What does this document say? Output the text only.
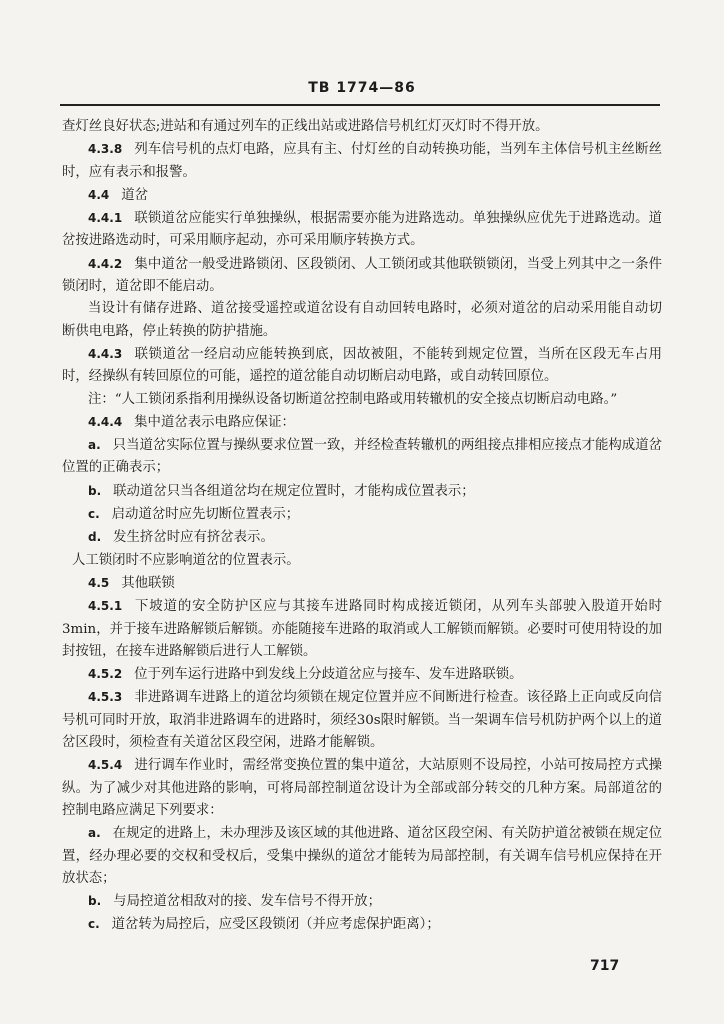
TB 1774—86

查灯丝良好状态;进站和有通过列车的正线出站或进路信号机红灯灭灯时不得开放。

4.3.8 列车信号机的点灯电路，应具有主、付灯丝的自动转换功能，当列车主体信号机主丝断丝时，应有表示和报警。

4.4 道岔

4.4.1 联锁道岔应能实行单独操纵，根据需要亦能为进路选动。单独操纵应优先于进路选动。道岔按进路选动时，可采用顺序起动，亦可采用顺序转换方式。

4.4.2 集中道岔一般受进路锁闭、区段锁闭、人工锁闭或其他联锁锁闭，当受上列其中之一条件锁闭时，道岔即不能启动。

当设计有储存进路、道岔接受遥控或道岔设有自动回转电路时，必须对道岔的启动采用能自动切断供电电路，停止转换的防护措施。

4.4.3 联锁道岔一经启动应能转换到底，因故被阻，不能转到规定位置，当所在区段无车占用时，经操纵有转回原位的可能，遥控的道岔能自动切断启动电路，或自动转回原位。

注：“人工锁闭系指利用操纵设备切断道岔控制电路或用转辙机的安全接点切断启动电路。”

4.4.4 集中道岔表示电路应保证：

a. 只当道岔实际位置与操纵要求位置一致，并经检查转辙机的两组接点排相应接点才能构成道岔位置的正确表示；

b. 联动道岔只当各组道岔均在规定位置时，才能构成位置表示；

c. 启动道岔时应先切断位置表示；

d. 发生挤岔时应有挤岔表示。

人工锁闭时不应影响道岔的位置表示。

4.5 其他联锁

4.5.1 下坡道的安全防护区应与其接车进路同时构成接近锁闭，从列车头部驶入股道开始时3min，并于接车进路解锁后解锁。亦能随接车进路的取消或人工解锁而解锁。必要时可使用特设的加封按钮，在接车进路解锁后进行人工解锁。

4.5.2 位于列车运行进路中到发线上分歧道岔应与接车、发车进路联锁。

4.5.3 非进路调车进路上的道岔均须锁在规定位置并应不间断进行检查。该径路上正向或反向信号机可同时开放，取消非进路调车的进路时，须经30s限时解锁。当一架调车信号机防护两个以上的道岔区段时，须检查有关道岔区段空闲，进路才能解锁。

4.5.4 进行调车作业时，需经常变换位置的集中道岔，大站原则不设局控，小站可按局控方式操纵。为了减少对其他进路的影响，可将局部控制道岔设计为全部或部分转交的几种方案。局部道岔的控制电路应满足下列要求：

a. 在规定的进路上，未办理涉及该区域的其他进路、道岔区段空闲、有关防护道岔被锁在规定位置，经办理必要的交权和受权后，受集中操纵的道岔才能转为局部控制，有关调车信号机应保持在开放状态；

b. 与局控道岔相敌对的接、发车信号不得开放；

c. 道岔转为局控后，应受区段锁闭（并应考虑保护距离）；

717
